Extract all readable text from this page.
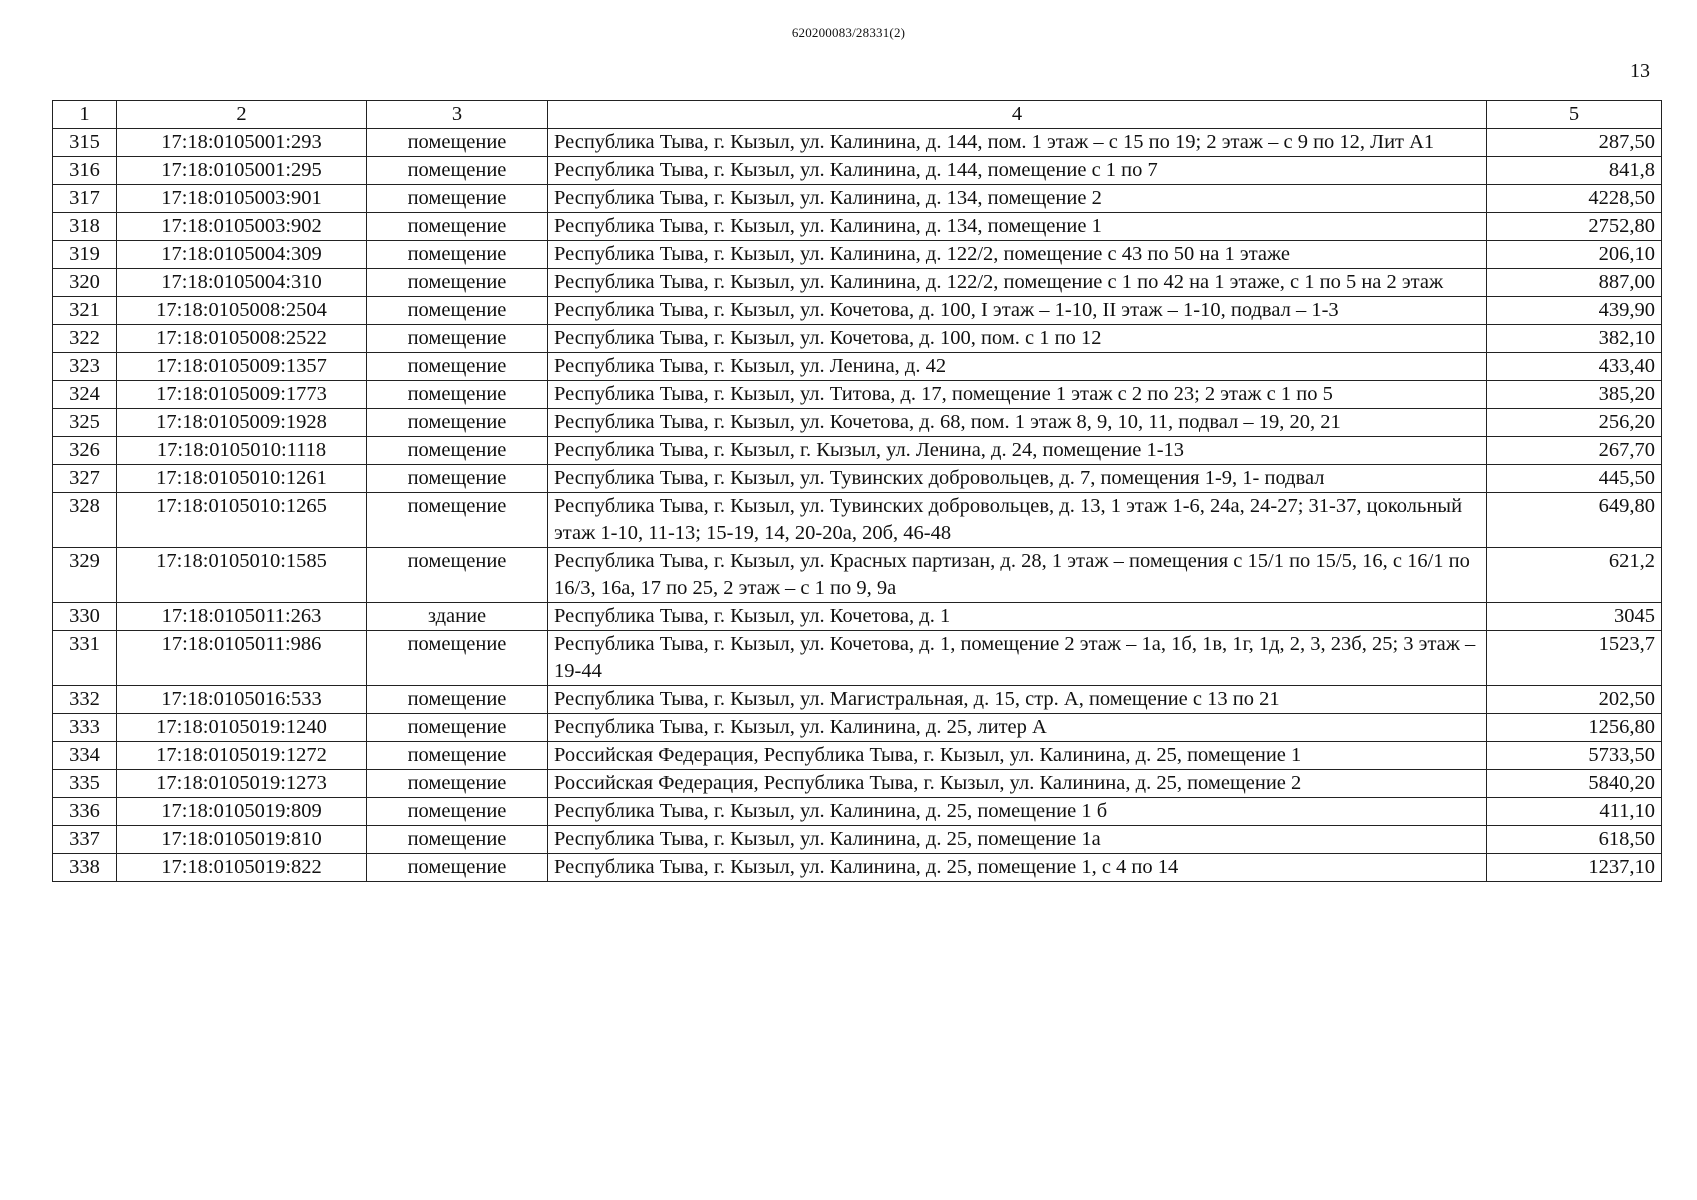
620200083/28331(2)
13
1	2	3	4	5
315	17:18:0105001:293	помещение	Республика Тыва, г. Кызыл, ул. Калинина, д. 144, пом. 1 этаж – с 15 по 19; 2 этаж – с 9 по 12, Лит А1	287,50
316	17:18:0105001:295	помещение	Республика Тыва, г. Кызыл, ул. Калинина, д. 144, помещение с 1 по 7	841,8
317	17:18:0105003:901	помещение	Республика Тыва, г. Кызыл, ул. Калинина, д. 134, помещение 2	4228,50
318	17:18:0105003:902	помещение	Республика Тыва, г. Кызыл, ул. Калинина, д. 134, помещение 1	2752,80
319	17:18:0105004:309	помещение	Республика Тыва, г. Кызыл, ул. Калинина, д. 122/2, помещение с 43 по 50 на 1 этаже	206,10
320	17:18:0105004:310	помещение	Республика Тыва, г. Кызыл, ул. Калинина, д. 122/2, помещение с 1 по 42 на 1 этаже, с 1 по 5 на 2 этаж	887,00
321	17:18:0105008:2504	помещение	Республика Тыва, г. Кызыл, ул. Кочетова, д. 100, I этаж – 1-10, II этаж – 1-10, подвал – 1-3	439,90
322	17:18:0105008:2522	помещение	Республика Тыва, г. Кызыл, ул. Кочетова, д. 100, пом. с 1 по 12	382,10
323	17:18:0105009:1357	помещение	Республика Тыва, г. Кызыл, ул. Ленина, д. 42	433,40
324	17:18:0105009:1773	помещение	Республика Тыва, г. Кызыл, ул. Титова, д. 17, помещение 1 этаж с 2 по 23; 2 этаж с 1 по 5	385,20
325	17:18:0105009:1928	помещение	Республика Тыва, г. Кызыл, ул. Кочетова, д. 68, пом. 1 этаж 8, 9, 10, 11, подвал – 19, 20, 21	256,20
326	17:18:0105010:1118	помещение	Республика Тыва, г. Кызыл, г. Кызыл, ул. Ленина, д. 24, помещение 1-13	267,70
327	17:18:0105010:1261	помещение	Республика Тыва, г. Кызыл, ул. Тувинских добровольцев, д. 7, помещения 1-9, 1- подвал	445,50
328	17:18:0105010:1265	помещение	Республика Тыва, г. Кызыл, ул. Тувинских добровольцев, д. 13, 1 этаж 1-6, 24а, 24-27; 31-37, цокольный этаж 1-10, 11-13; 15-19, 14, 20-20а, 20б, 46-48	649,80
329	17:18:0105010:1585	помещение	Республика Тыва, г. Кызыл, ул. Красных партизан, д. 28, 1 этаж – помещения с 15/1 по 15/5, 16, с 16/1 по 16/3, 16а, 17 по 25, 2 этаж – с 1 по 9, 9а	621,2
330	17:18:0105011:263	здание	Республика Тыва, г. Кызыл, ул. Кочетова, д. 1	3045
331	17:18:0105011:986	помещение	Республика Тыва, г. Кызыл, ул. Кочетова, д. 1, помещение 2 этаж – 1а, 1б, 1в, 1г, 1д, 2, 3, 23б, 25; 3 этаж – 19-44	1523,7
332	17:18:0105016:533	помещение	Республика Тыва, г. Кызыл, ул. Магистральная, д. 15, стр. А, помещение с 13 по 21	202,50
333	17:18:0105019:1240	помещение	Республика Тыва, г. Кызыл, ул. Калинина, д. 25, литер А	1256,80
334	17:18:0105019:1272	помещение	Российская Федерация, Республика Тыва, г. Кызыл, ул. Калинина, д. 25, помещение 1	5733,50
335	17:18:0105019:1273	помещение	Российская Федерация, Республика Тыва, г. Кызыл, ул. Калинина, д. 25, помещение 2	5840,20
336	17:18:0105019:809	помещение	Республика Тыва, г. Кызыл, ул. Калинина, д. 25, помещение 1 б	411,10
337	17:18:0105019:810	помещение	Республика Тыва, г. Кызыл, ул. Калинина, д. 25, помещение 1а	618,50
338	17:18:0105019:822	помещение	Республика Тыва, г. Кызыл, ул. Калинина, д. 25, помещение 1, с 4 по 14	1237,10
